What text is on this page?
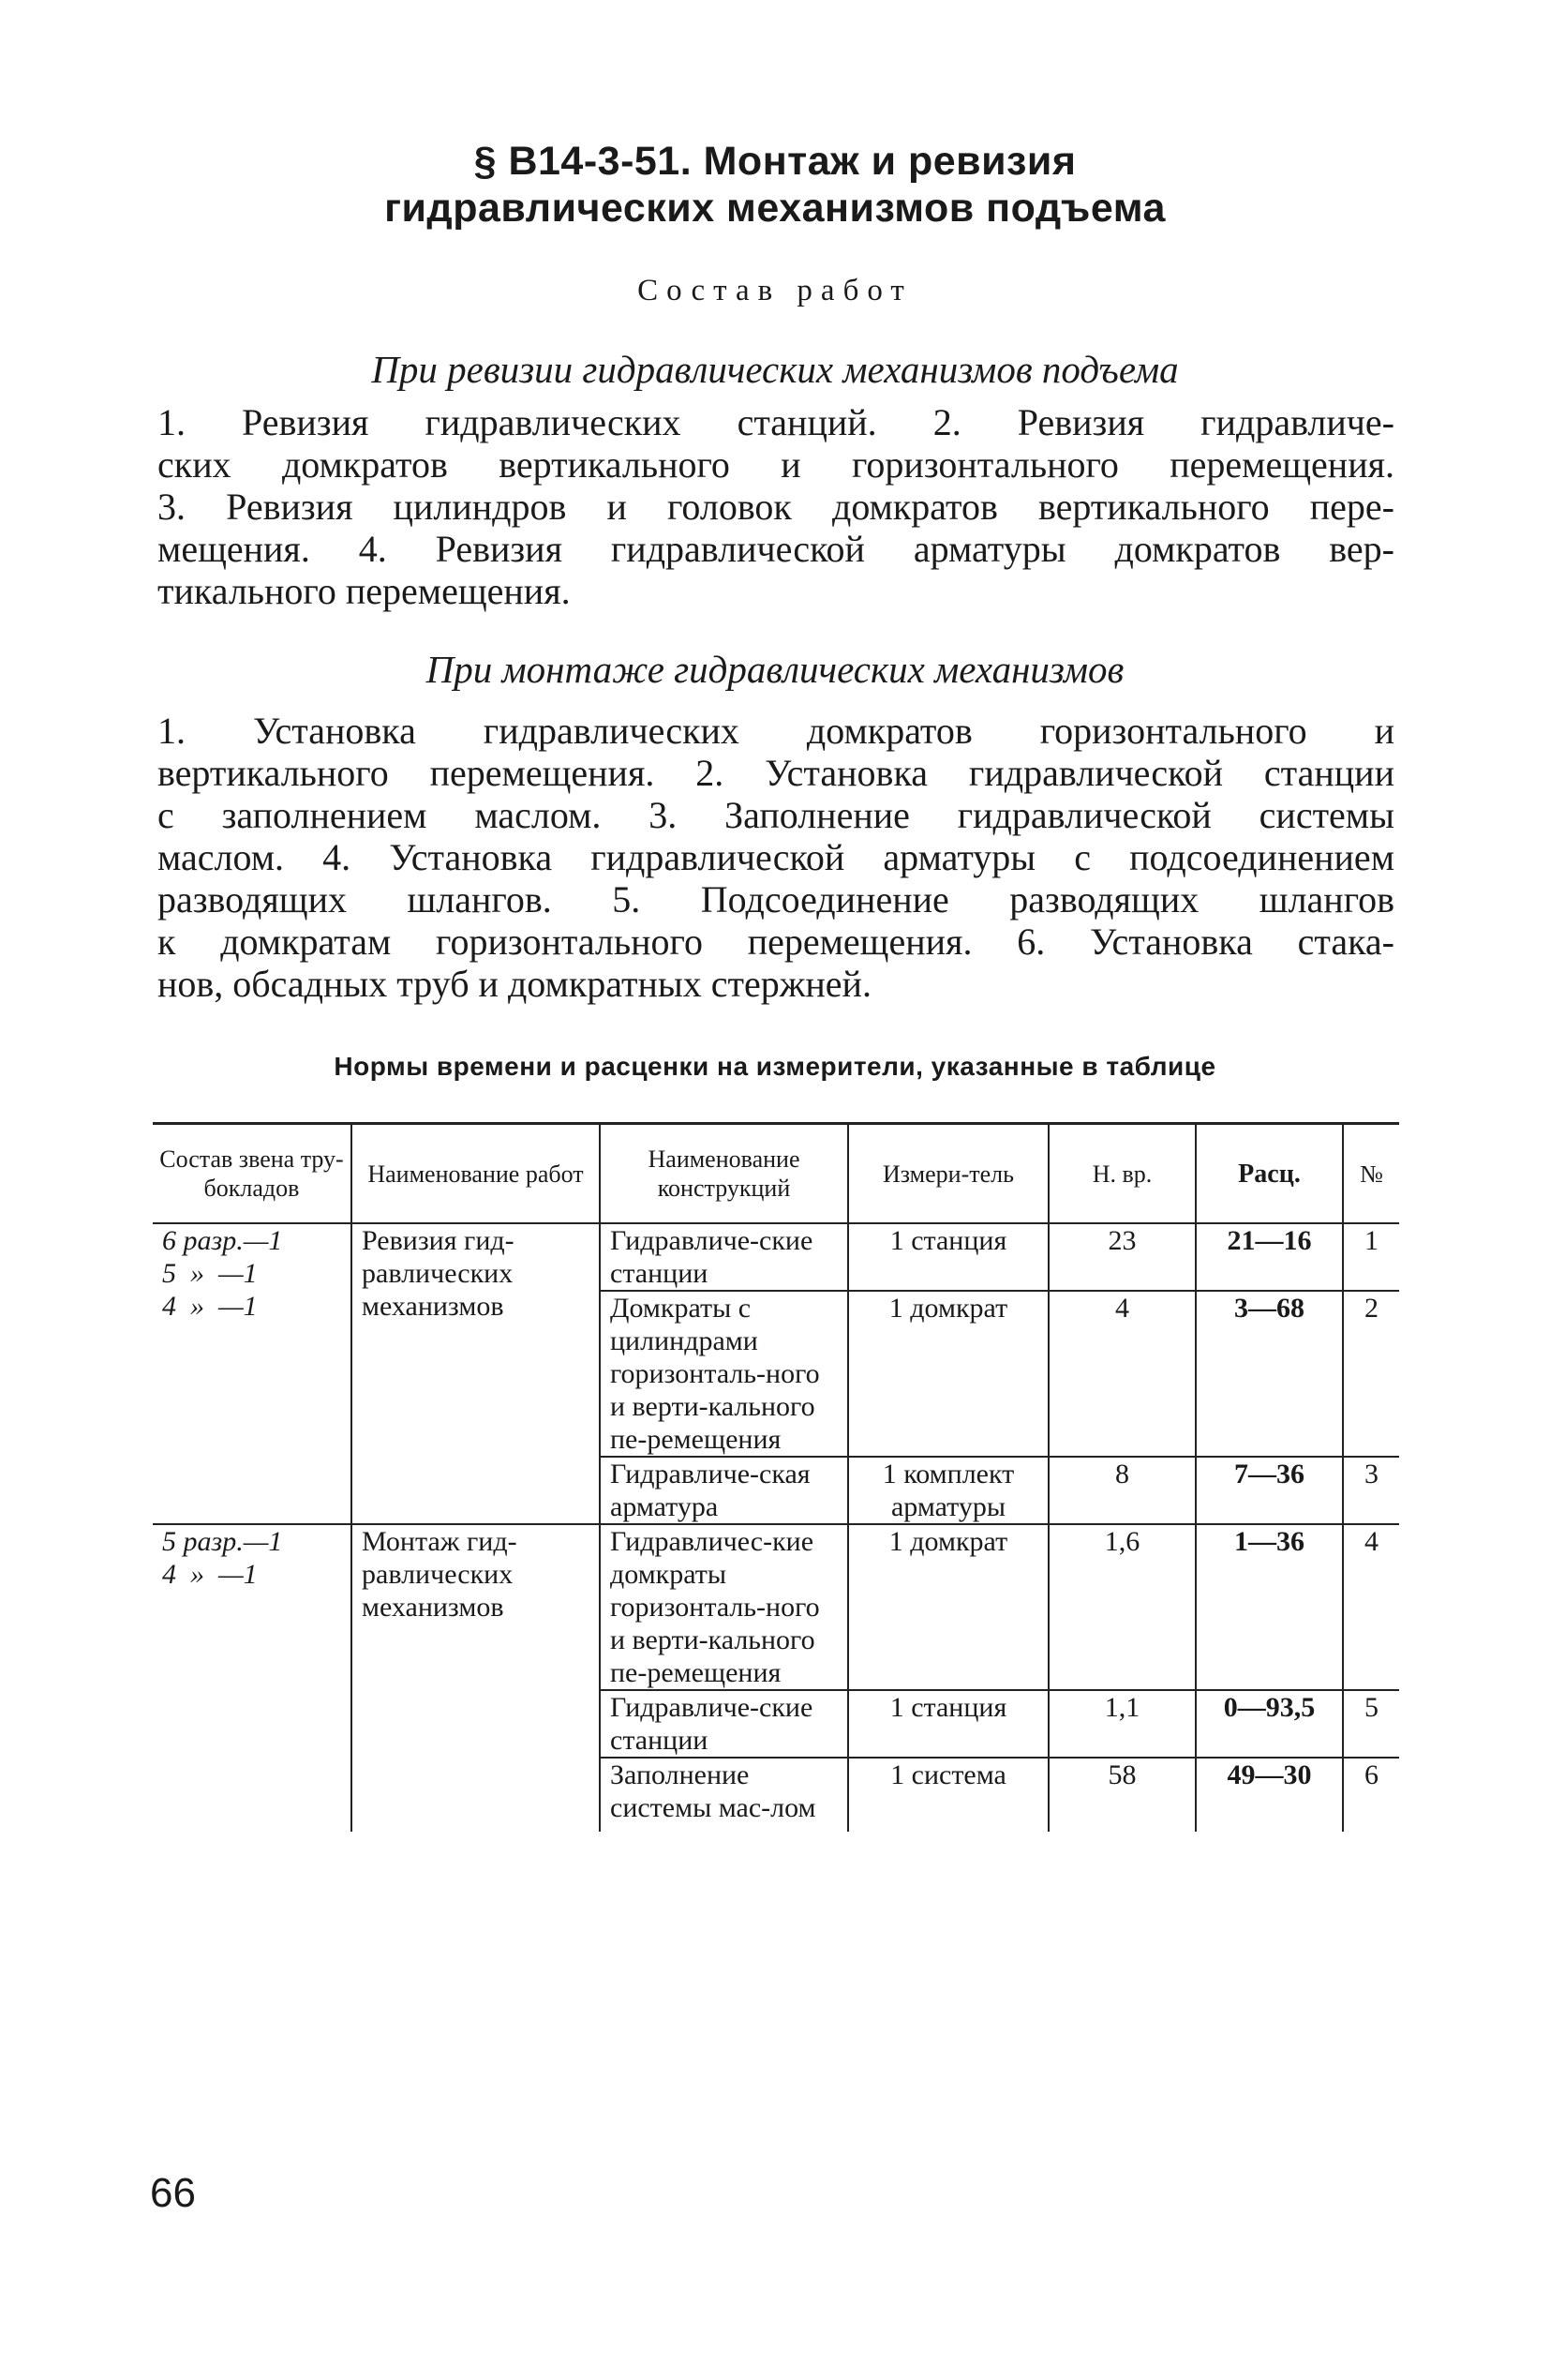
§ В14-3-51. Монтаж и ревизия
гидравлических механизмов подъема
Состав работ
При ревизии гидравлических механизмов подъема
1. Ревизия гидравлических станций. 2. Ревизия гидравличе-
ских домкратов вертикального и горизонтального перемещения.
3. Ревизия цилиндров и головок домкратов вертикального пере-
мещения. 4. Ревизия гидравлической арматуры домкратов вер-
тикального перемещения.
При монтаже гидравлических механизмов
1. Установка гидравлических домкратов горизонтального и
вертикального перемещения. 2. Установка гидравлической станции
с заполнением маслом. 3. Заполнение гидравлической системы
маслом. 4. Установка гидравлической арматуры с подсоединением
разводящих шлангов. 5. Подсоединение разводящих шлангов
к домкратам горизонтального перемещения. 6. Установка стака-
нов, обсадных труб и домкратных стержней.
Нормы времени и расценки на измерители, указанные в таблице
Состав звена тру-бокладов	Наименование работ	Наименование конструкций	Измери-тель	Н. вр.	Расц.	№
6 разр.—1
5  »  —1
4  »  —1	Ревизия гид-равлических механизмов	Гидравличе-ские станции	1 станция	23	21—16	1
		Домкраты с цилиндрами горизонталь-ного и верти-кального пе-ремещения	1 домкрат	4	3—68	2
		Гидравличе-ская арматура	1 комплект арматуры	8	7—36	3
5 разр.—1
4  »  —1	Монтаж гид-равлических механизмов	Гидравличес-кие домкраты горизонталь-ного и верти-кального пе-ремещения	1 домкрат	1,6	1—36	4
		Гидравличе-ские станции	1 станция	1,1	0—93,5	5
		Заполнение системы мас-лом	1 система	58	49—30	6
66
